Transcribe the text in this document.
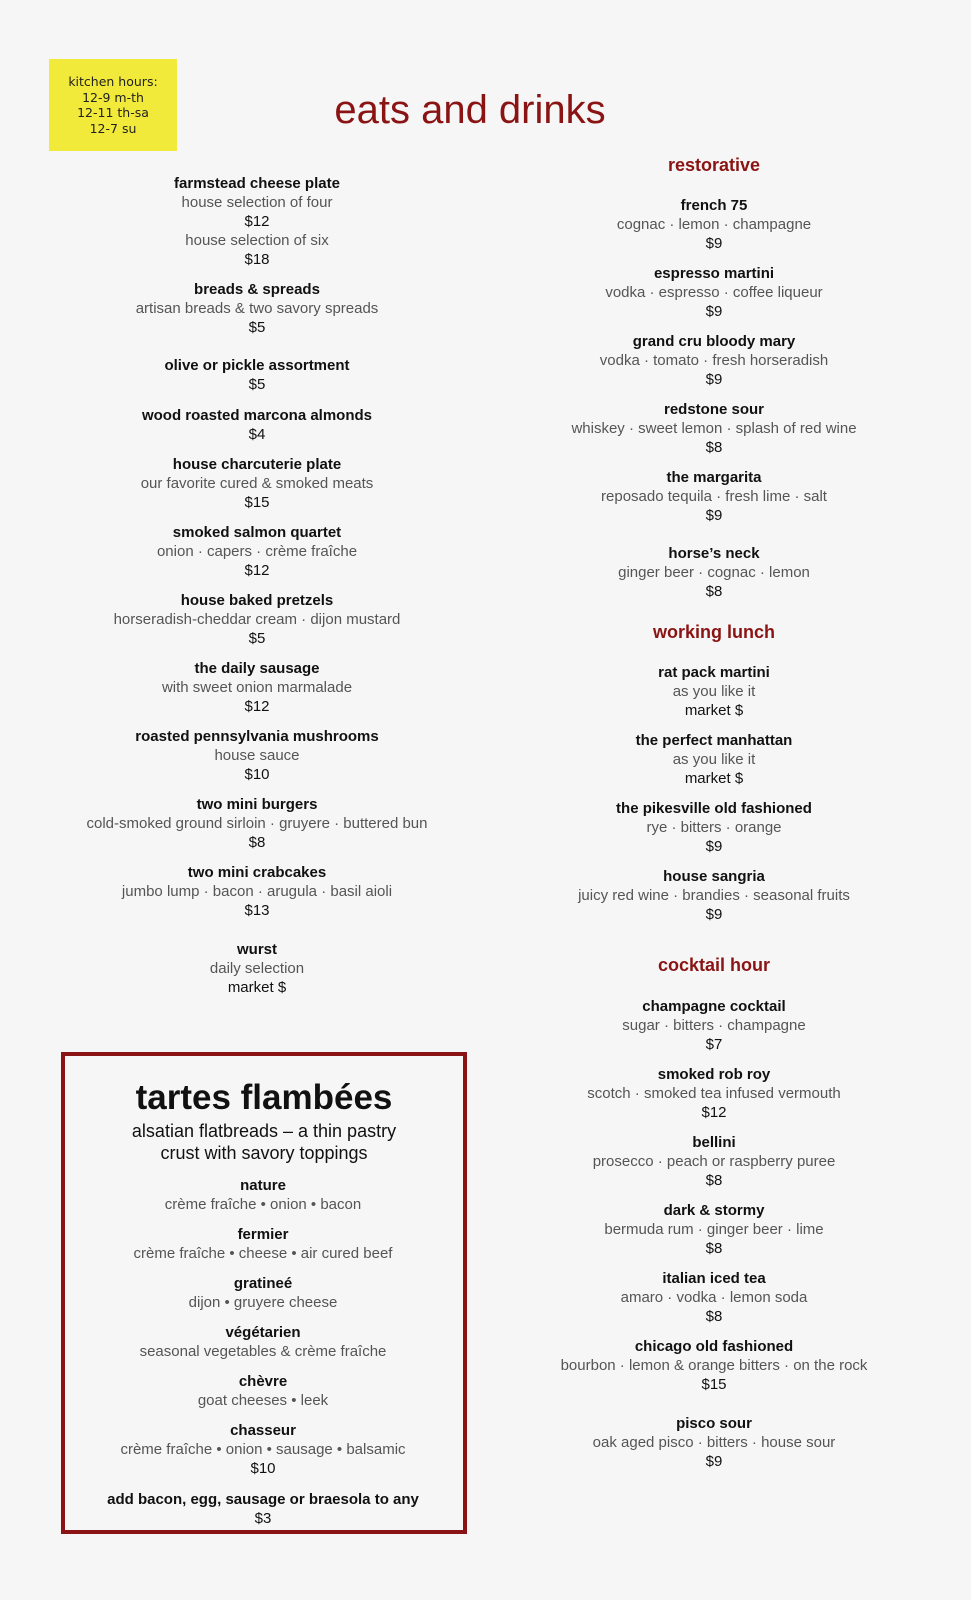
kitchen hours:
12-9 m-th
12-11 th-sa
12-7 su	eats and drinks
farmstead cheese plate
house selection of four
$12
house selection of six
$18
breads & spreads
artisan breads & two savory spreads
$5
olive or pickle assortment
$5
wood roasted marcona almonds
$4
house charcuterie plate
our favorite cured & smoked meats
$15
smoked salmon quartet
onion · capers · crème fraîche
$12
house baked pretzels
horseradish-cheddar cream · dijon mustard
$5
the daily sausage
with sweet onion marmalade
$12
roasted pennsylvania mushrooms
house sauce
$10
two mini burgers
cold-smoked ground sirloin · gruyere · buttered bun
$8
two mini crabcakes
jumbo lump · bacon · arugula · basil aioli
$13
wurst
daily selection
market $
tartes flambées
alsatian flatbreads – a thin pastry
crust with savory toppings
nature
crème fraîche • onion • bacon
fermier
crème fraîche • cheese • air cured beef
gratineé
dijon • gruyere cheese
végétarien
seasonal vegetables & crème fraîche
chèvre
goat cheeses • leek
chasseur
crème fraîche • onion • sausage • balsamic
$10
add bacon, egg, sausage or braesola to any
$3
restorative
french 75
cognac · lemon · champagne
$9
espresso martini
vodka · espresso · coffee liqueur
$9
grand cru bloody mary
vodka · tomato · fresh horseradish
$9
redstone sour
whiskey · sweet lemon · splash of red wine
$8
the margarita
reposado tequila · fresh lime · salt
$9
horse’s neck
ginger beer · cognac · lemon
$8
working lunch
rat pack martini
as you like it
market $
the perfect manhattan
as you like it
market $
the pikesville old fashioned
rye · bitters · orange
$9
house sangria
juicy red wine · brandies · seasonal fruits
$9
cocktail hour
champagne cocktail
sugar · bitters · champagne
$7
smoked rob roy
scotch · smoked tea infused vermouth
$12
bellini
prosecco · peach or raspberry puree
$8
dark & stormy
bermuda rum · ginger beer · lime
$8
italian iced tea
amaro · vodka · lemon soda
$8
chicago old fashioned
bourbon · lemon & orange bitters · on the rock
$15
pisco sour
oak aged pisco · bitters · house sour
$9
